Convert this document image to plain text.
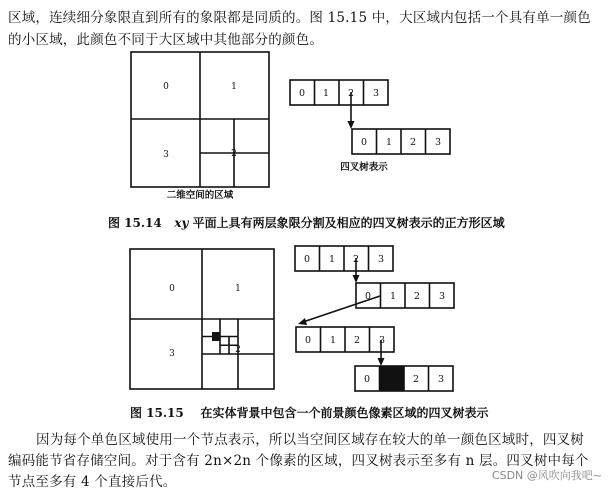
区域，连续细分象限直到所有的象限都是同质的。图 15.15 中，大区域内包括一个具有单一颜色
的小区域，此颜色不同于大区域中其他部分的颜色。
0	1
3	2
二维空间的区域
0 1 2 3
0 1 2 3
四叉树表示
0	1
3	2
0 1 2 3
0 1 2 3
0 1 2 3
0	2 3
图 15.14 xy 平面上具有两层象限分割及相应的四叉树表示的正方形区域
图 15.15 在实体背景中包含一个前景颜色像素区域的四叉树表示
因为每个单色区域使用一个节点表示，所以当空间区域存在较大的单一颜色区域时，四叉树
编码能节省存储空间。对于含有 2n×2n 个像素的区域，四叉树表示至多有 n 层。四叉树中每个
节点至多有 4 个直接后代。	CSDN @风吹向我吧~
